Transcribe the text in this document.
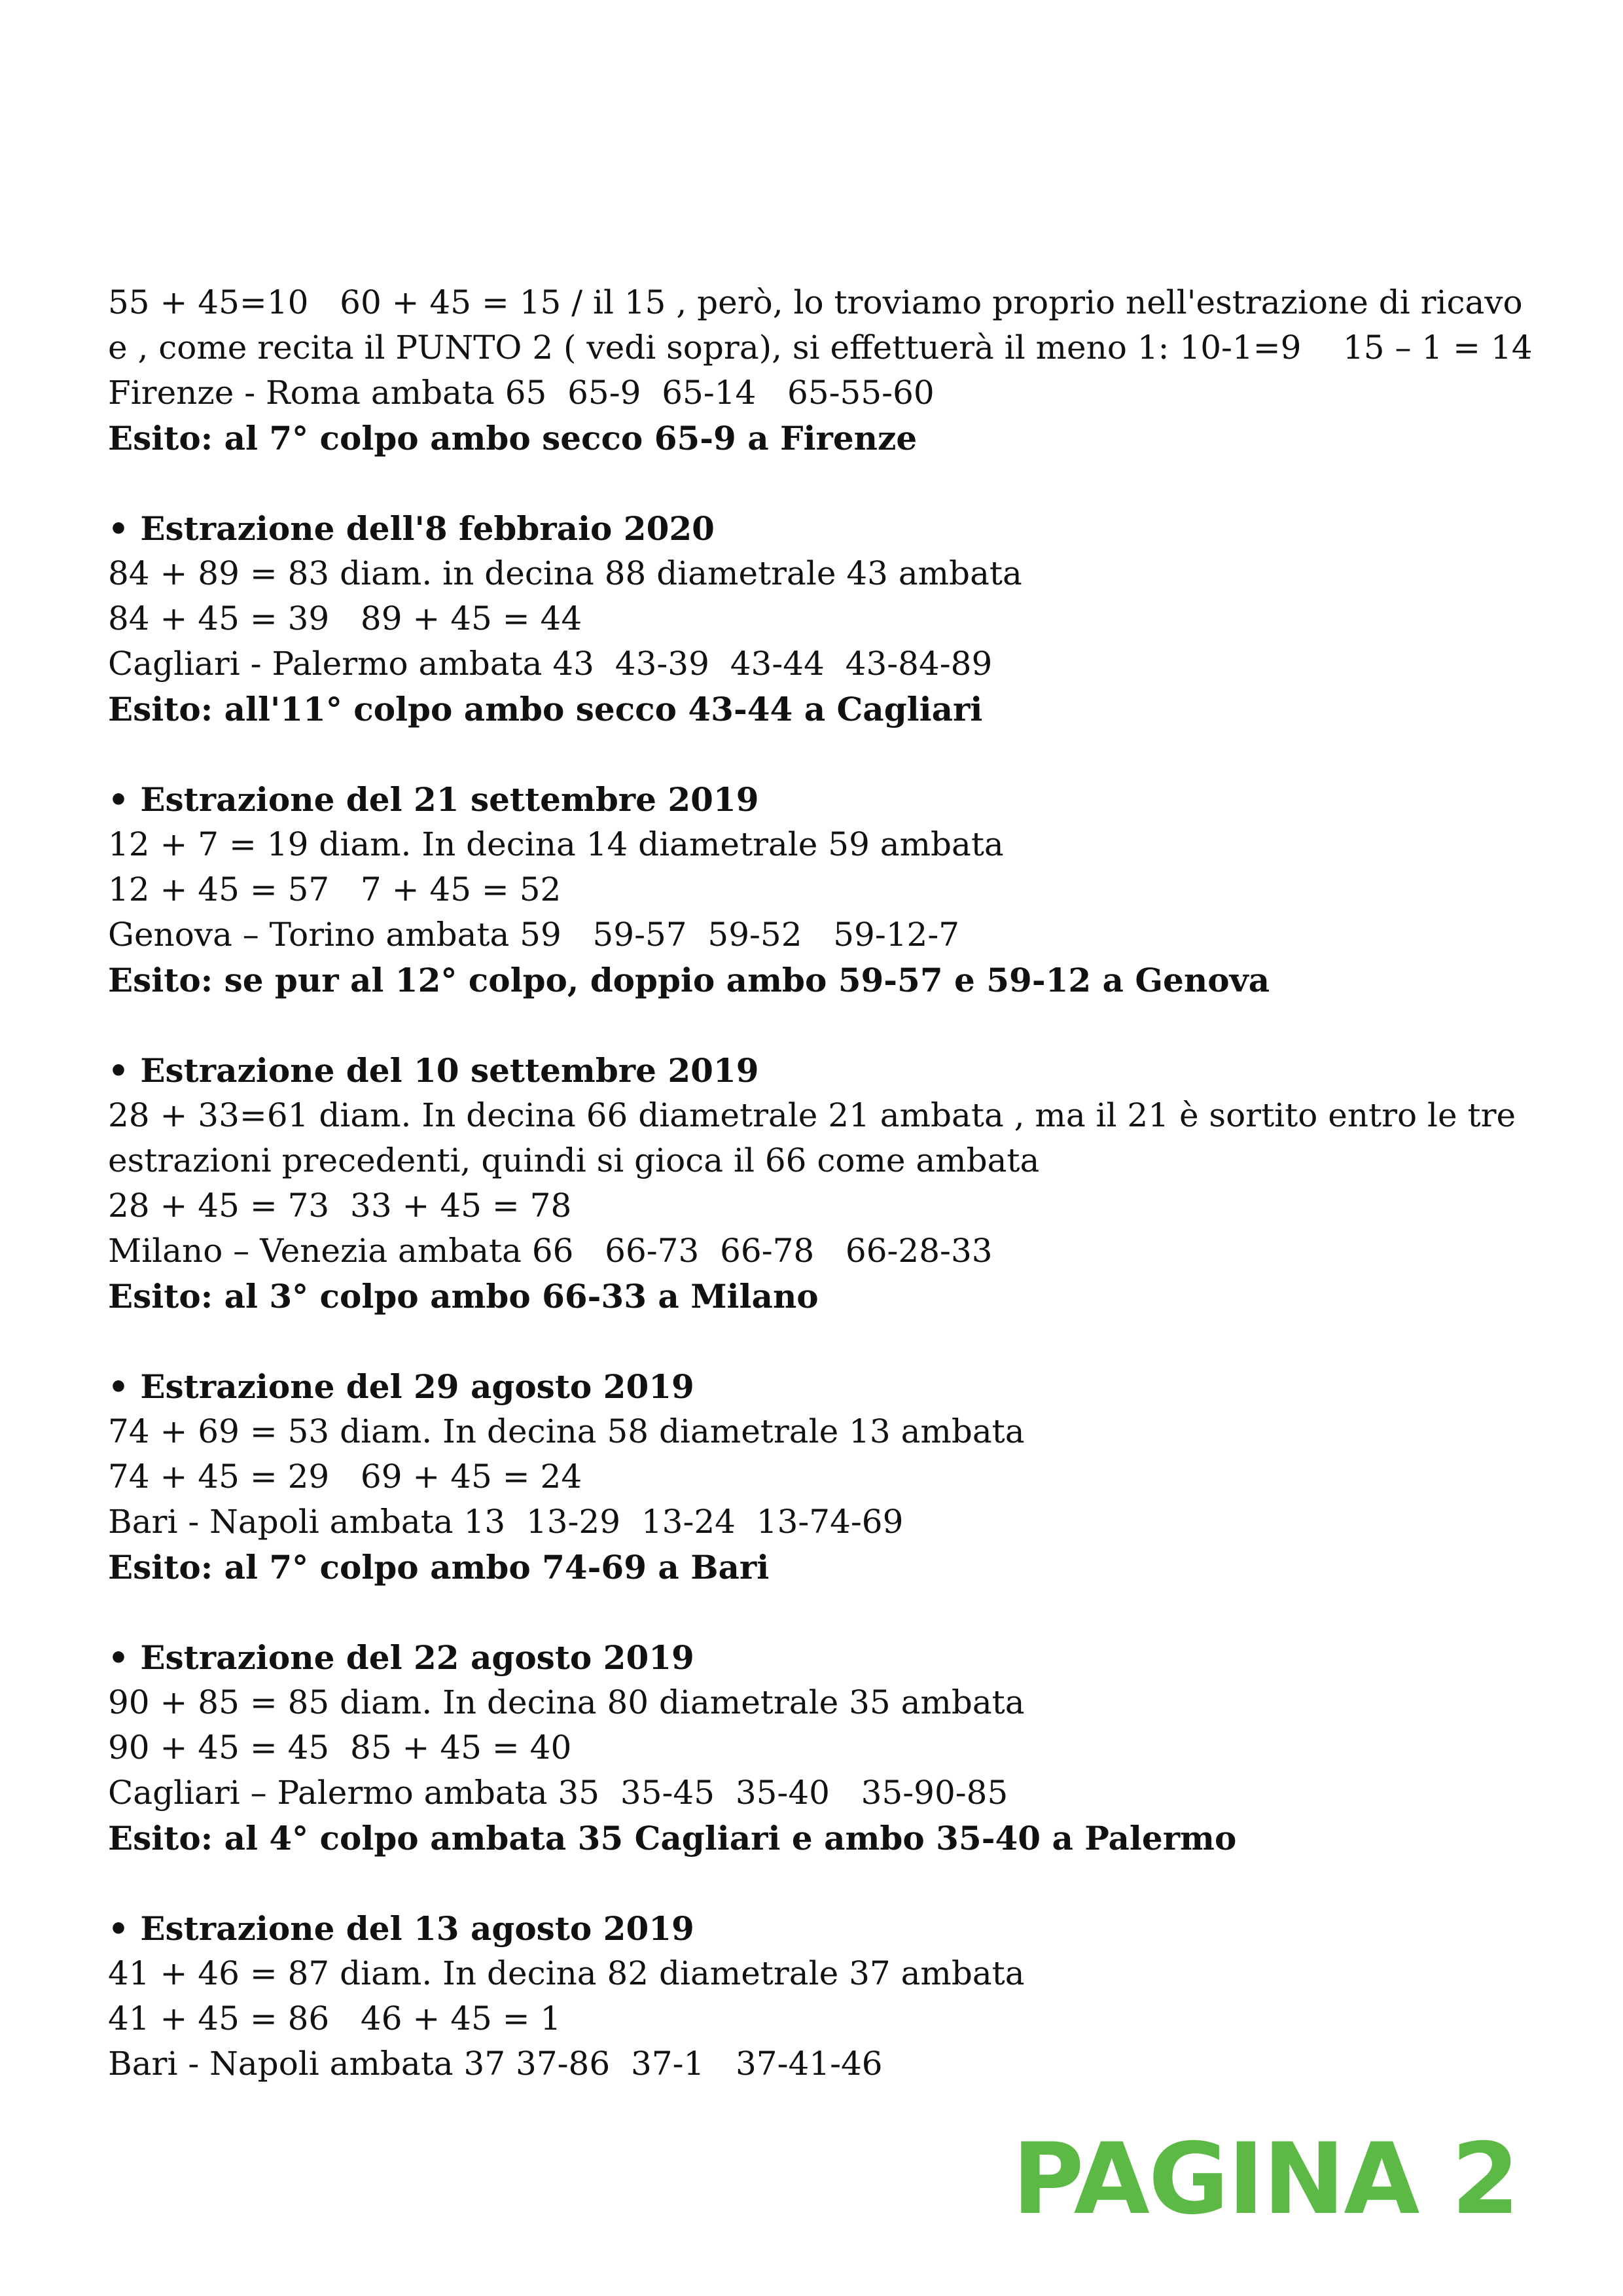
55 + 45=10   60 + 45 = 15 / il 15 , però, lo troviamo proprio nell'estrazione di ricavo
e , come recita il PUNTO 2 ( vedi sopra), si effettuerà il meno 1: 10-1=9    15 – 1 = 14
Firenze - Roma ambata 65  65-9  65-14   65-55-60
Esito: al 7° colpo ambo secco 65-9 a Firenze
• Estrazione dell'8 febbraio 2020
84 + 89 = 83 diam. in decina 88 diametrale 43 ambata
84 + 45 = 39   89 + 45 = 44
Cagliari - Palermo ambata 43  43-39  43-44  43-84-89
Esito: all'11° colpo ambo secco 43-44 a Cagliari
• Estrazione del 21 settembre 2019
12 + 7 = 19 diam. In decina 14 diametrale 59 ambata
12 + 45 = 57   7 + 45 = 52
Genova – Torino ambata 59   59-57  59-52   59-12-7
Esito: se pur al 12° colpo, doppio ambo 59-57 e 59-12 a Genova
• Estrazione del 10 settembre 2019
28 + 33=61 diam. In decina 66 diametrale 21 ambata , ma il 21 è sortito entro le tre
estrazioni precedenti, quindi si gioca il 66 come ambata
28 + 45 = 73  33 + 45 = 78
Milano – Venezia ambata 66   66-73  66-78   66-28-33
Esito: al 3° colpo ambo 66-33 a Milano
• Estrazione del 29 agosto 2019
74 + 69 = 53 diam. In decina 58 diametrale 13 ambata
74 + 45 = 29   69 + 45 = 24
Bari - Napoli ambata 13  13-29  13-24  13-74-69
Esito: al 7° colpo ambo 74-69 a Bari
• Estrazione del 22 agosto 2019
90 + 85 = 85 diam. In decina 80 diametrale 35 ambata
90 + 45 = 45  85 + 45 = 40
Cagliari – Palermo ambata 35  35-45  35-40   35-90-85
Esito: al 4° colpo ambata 35 Cagliari e ambo 35-40 a Palermo
• Estrazione del 13 agosto 2019
41 + 46 = 87 diam. In decina 82 diametrale 37 ambata
41 + 45 = 86   46 + 45 = 1
Bari - Napoli ambata 37 37-86  37-1   37-41-46
PAGINA 2
